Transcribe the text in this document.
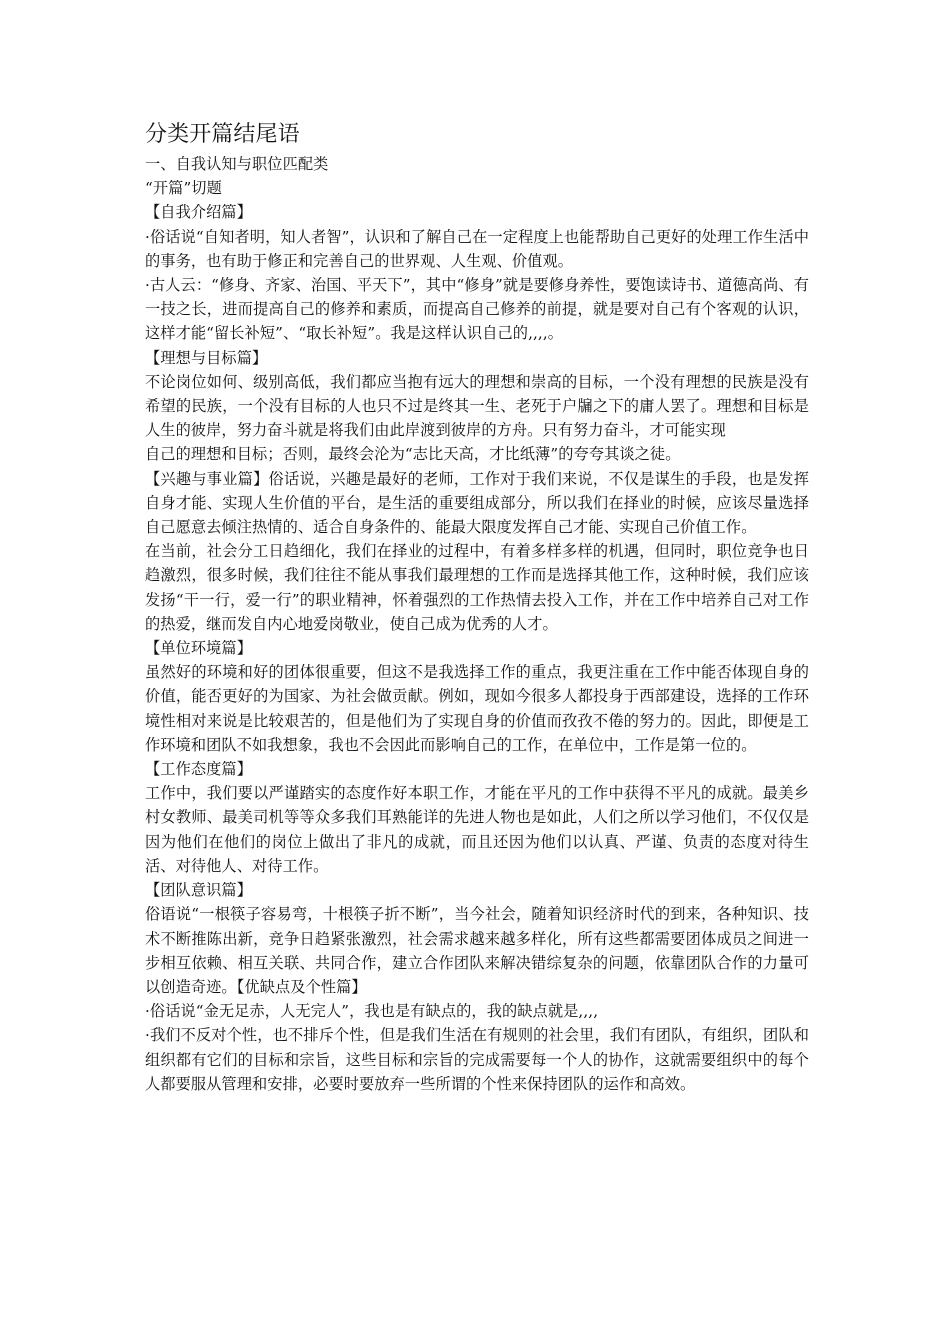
分类开篇结尾语

一、自我认知与职位匹配类

“开篇”切题

【自我介绍篇】

·俗话说“自知者明，知人者智”，认识和了解自己在一定程度上也能帮助自己更好的处理工作生活中的事务，也有助于修正和完善自己的世界观、人生观、价值观。

·古人云：“修身、齐家、治国、平天下”，其中“修身”就是要修身养性，要饱读诗书、道德高尚、有一技之长，进而提高自己的修养和素质，而提高自己修养的前提，就是要对自己有个客观的认识，这样才能“留长补短”、“取长补短”。我是这样认识自己的,,,,。

【理想与目标篇】

不论岗位如何、级别高低，我们都应当抱有远大的理想和崇高的目标，一个没有理想的民族是没有希望的民族，一个没有目标的人也只不过是终其一生、老死于户牖之下的庸人罢了。理想和目标是人生的彼岸，努力奋斗就是将我们由此岸渡到彼岸的方舟。只有努力奋斗，才可能实现

自己的理想和目标；否则，最终会沦为“志比天高，才比纸薄”的夸夸其谈之徒。

【兴趣与事业篇】俗话说，兴趣是最好的老师，工作对于我们来说，不仅是谋生的手段，也是发挥自身才能、实现人生价值的平台，是生活的重要组成部分，所以我们在择业的时候，应该尽量选择自己愿意去倾注热情的、适合自身条件的、能最大限度发挥自己才能、实现自己价值工作。

在当前，社会分工日趋细化，我们在择业的过程中，有着多样多样的机遇，但同时，职位竞争也日趋激烈，很多时候，我们往往不能从事我们最理想的工作而是选择其他工作，这种时候，我们应该发扬“干一行，爱一行”的职业精神，怀着强烈的工作热情去投入工作，并在工作中培养自己对工作的热爱，继而发自内心地爱岗敬业，使自己成为优秀的人才。

【单位环境篇】

虽然好的环境和好的团体很重要，但这不是我选择工作的重点，我更注重在工作中能否体现自身的价值，能否更好的为国家、为社会做贡献。例如，现如今很多人都投身于西部建设，选择的工作环境性相对来说是比较艰苦的，但是他们为了实现自身的价值而孜孜不倦的努力的。因此，即便是工作环境和团队不如我想象，我也不会因此而影响自己的工作，在单位中，工作是第一位的。

【工作态度篇】

工作中，我们要以严谨踏实的态度作好本职工作，才能在平凡的工作中获得不平凡的成就。最美乡村女教师、最美司机等等众多我们耳熟能详的先进人物也是如此，人们之所以学习他们，不仅仅是因为他们在他们的岗位上做出了非凡的成就，而且还因为他们以认真、严谨、负责的态度对待生活、对待他人、对待工作。

【团队意识篇】

俗语说“一根筷子容易弯，十根筷子折不断”，当今社会，随着知识经济时代的到来，各种知识、技术不断推陈出新，竞争日趋紧张激烈，社会需求越来越多样化，所有这些都需要团体成员之间进一步相互依赖、相互关联、共同合作，建立合作团队来解决错综复杂的问题，依靠团队合作的力量可以创造奇迹。【优缺点及个性篇】

·俗话说“金无足赤，人无完人”，我也是有缺点的，我的缺点就是,,,,

·我们不反对个性，也不排斥个性，但是我们生活在有规则的社会里，我们有团队，有组织，团队和组织都有它们的目标和宗旨，这些目标和宗旨的完成需要每一个人的协作，这就需要组织中的每个人都要服从管理和安排，必要时要放弃一些所谓的个性来保持团队的运作和高效。
